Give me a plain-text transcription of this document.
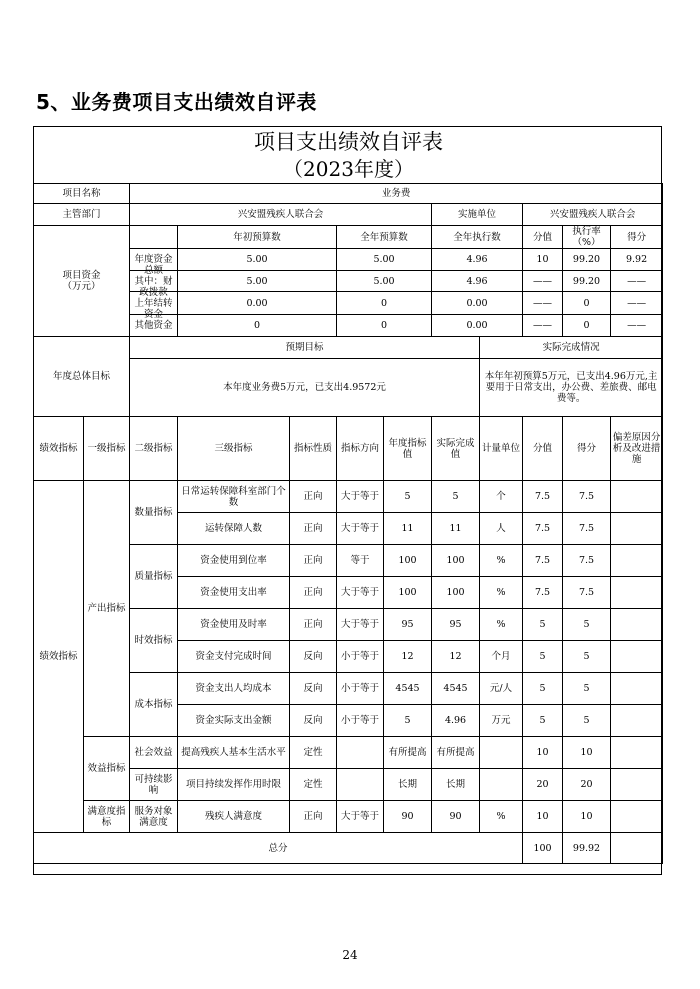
5、业务费项目支出绩效自评表
项目支出绩效自评表
（2023年度）
项目名称		业务费									
主管部门		兴安盟残疾人联合会					实施单位		兴安盟残疾人联合会		
项目资金（万元）			年初预算数		全年预算数		全年执行数		分值	执行率（%）	得分

		年度资金总额	5.00		5.00		4.96		10	99.20	9.92

		其中：财政拨款	5.00		5.00		4.96		——	99.20	——

		上年结转资金	0.00		0		0.00		——	0	——

		其他资金	0		0		0.00		——	0	——
年度总体目标		预期目标						实际完成情况			
		本年度业务费5万元，已支出4.9572元						本年年初预算5万元，已支出4.96万元,主要用于日常支出，办公费、差旅费、邮电费等。			
绩效指标	一级指标	二级指标	三级指标	指标性质	指标方向	年度指标值	实际完成值	计量单位	分值	得分	偏差原因分析及改进措施
绩效指标	产出指标	数量指标	日常运转保障科室部门个数	正向	大于等于	5	5	个	7.5	7.5	
			运转保障人数	正向	大于等于	11	11	人	7.5	7.5	
		质量指标	资金使用到位率	正向	等于	100	100	%	7.5	7.5	
			资金使用支出率	正向	大于等于	100	100	%	7.5	7.5	
		时效指标	资金使用及时率	正向	大于等于	95	95	%	5	5	
			资金支付完成时间	反向	小于等于	12	12	个月	5	5	
		成本指标	资金支出人均成本	反向	小于等于	4545	4545	元/人	5	5	
			资金实际支出金额	反向	小于等于	5	4.96	万元	5	5	
	效益指标	社会效益	提高残疾人基本生活水平	定性		有所提高	有所提高		10	10	
		可持续影响	项目持续发挥作用时限	定性		长期	长期		20	20	
	满意度指标	服务对象满意度	残疾人满意度	正向	大于等于	90	90	%	10	10	
总分									100	99.92	
24
